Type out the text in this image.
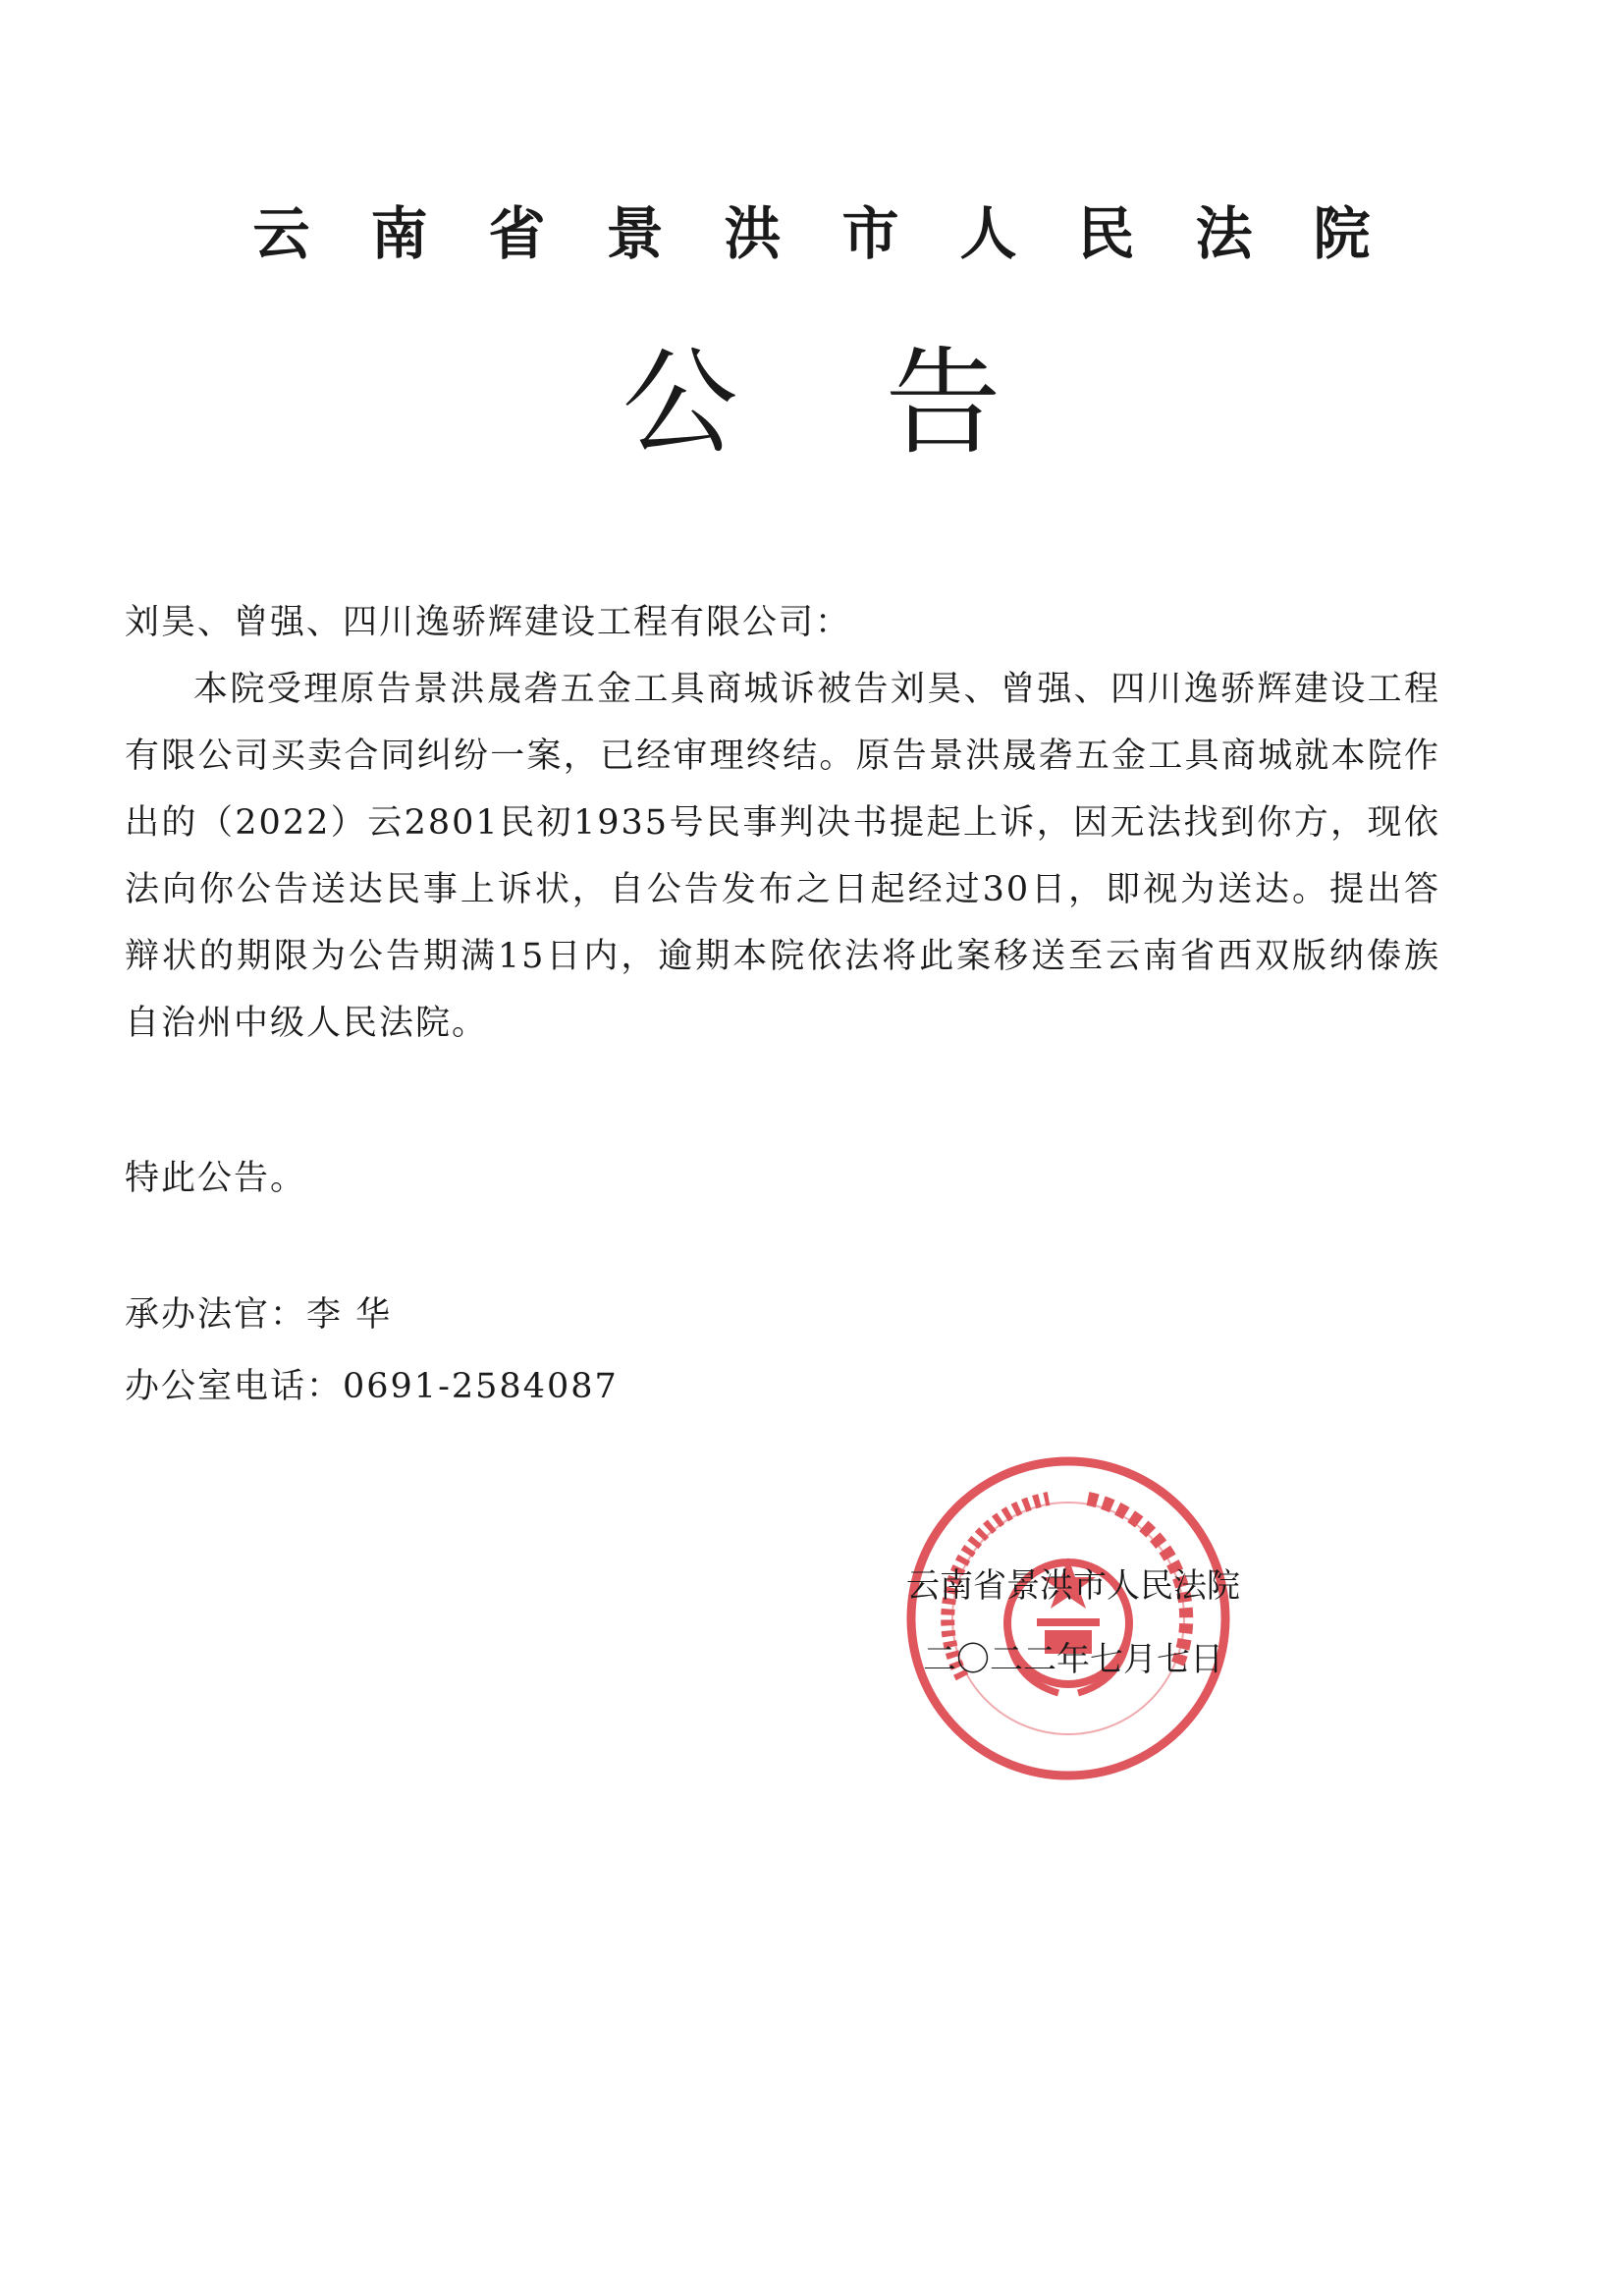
云南省景洪市人民法院
公告
刘昊、曾强、四川逸骄辉建设工程有限公司：

本院受理原告景洪晟砻五金工具商城诉被告刘昊、曾强、四川逸骄辉建设工程有限公司买卖合同纠纷一案，已经审理终结。原告景洪晟砻五金工具商城就本院作出的（2022）云2801民初1935号民事判决书提起上诉，因无法找到你方，现依法向你公告送达民事上诉状，自公告发布之日起经过30日，即视为送达。提出答辩状的期限为公告期满15日内，逾期本院依法将此案移送至云南省西双版纳傣族自治州中级人民法院。

特此公告。
承办法官：李 华
办公室电话：0691-2584087
云南省景洪市人民法院
二〇二二年七月七日
